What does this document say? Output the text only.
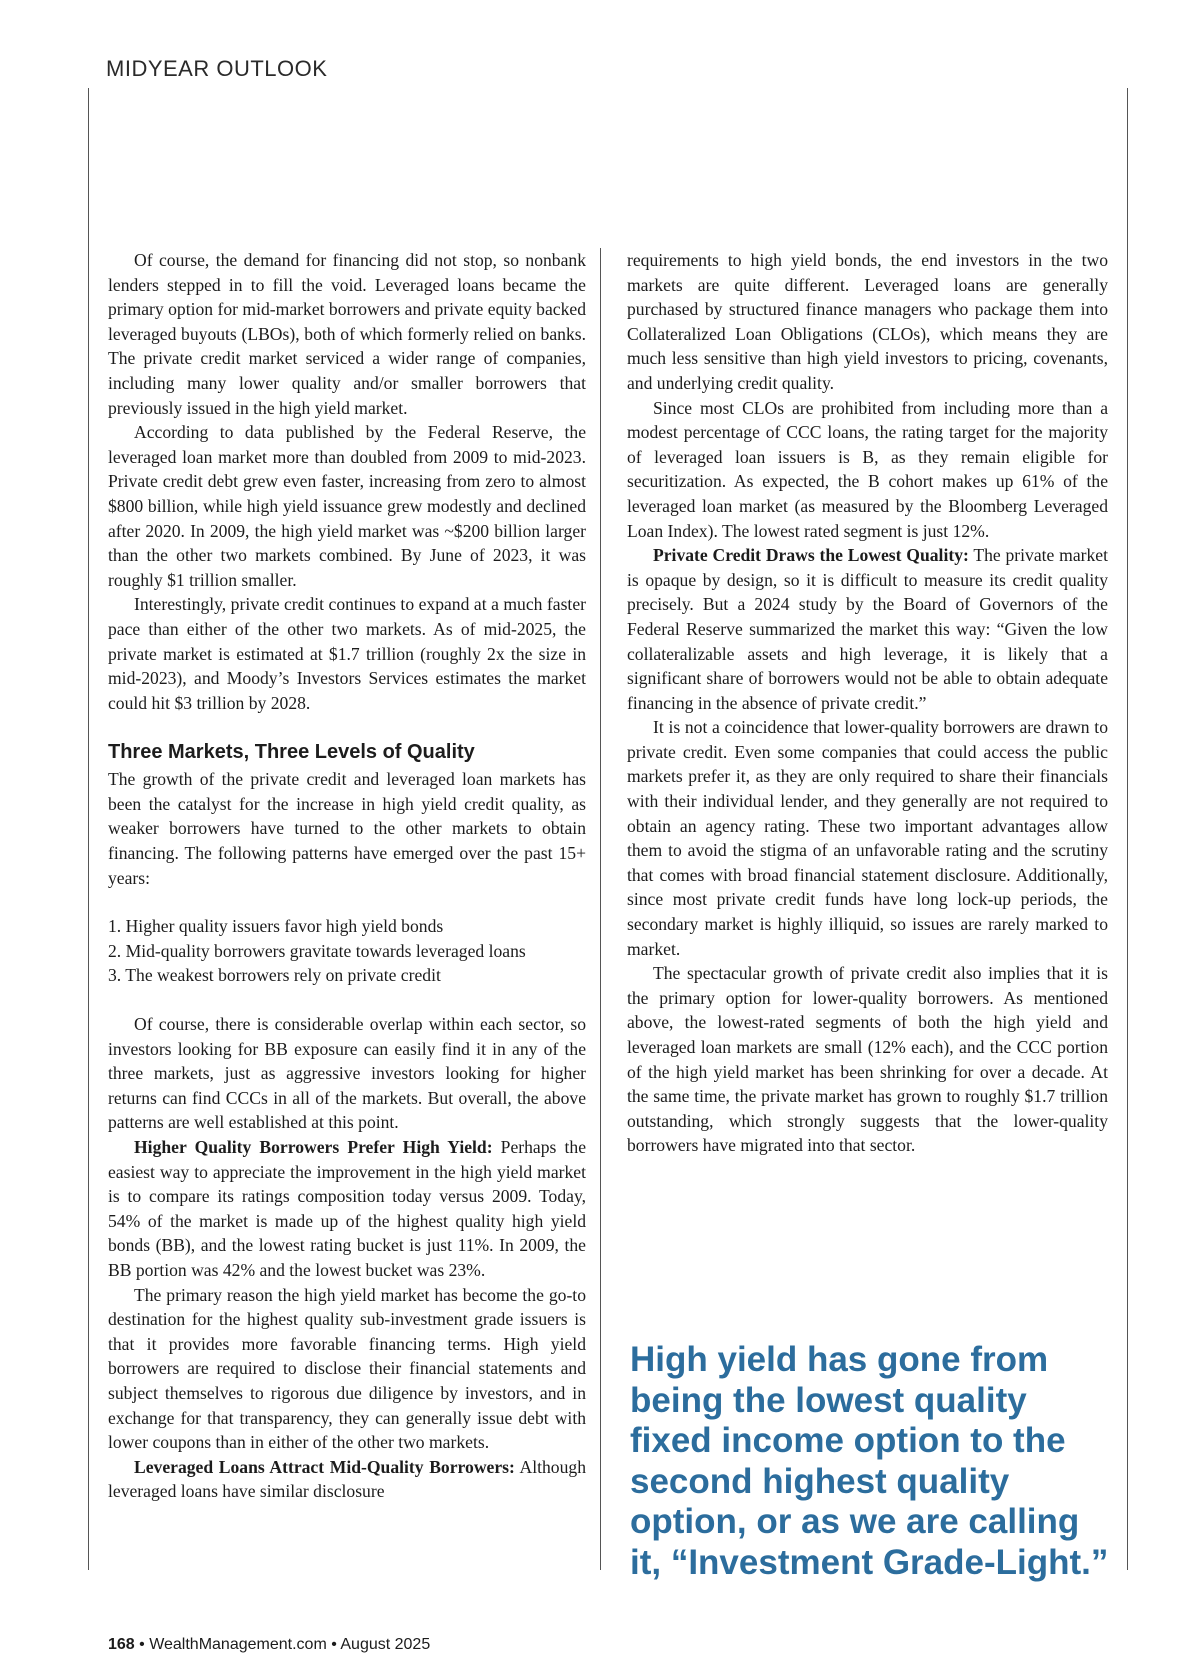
MIDYEAR OUTLOOK

Of course, the demand for financing did not stop, so nonbank lenders stepped in to fill the void. Leveraged loans became the primary option for mid-market borrowers and private equity backed leveraged buyouts (LBOs), both of which formerly relied on banks. The private credit market serviced a wider range of companies, including many lower quality and/or smaller borrowers that previously issued in the high yield market.

According to data published by the Federal Reserve, the leveraged loan market more than doubled from 2009 to mid-2023. Private credit debt grew even faster, increasing from zero to almost $800 billion, while high yield issuance grew modestly and declined after 2020. In 2009, the high yield market was ~$200 billion larger than the other two markets combined. By June of 2023, it was roughly $1 trillion smaller.

Interestingly, private credit continues to expand at a much faster pace than either of the other two markets. As of mid-2025, the private market is estimated at $1.7 trillion (roughly 2x the size in mid-2023), and Moody’s Investors Services estimates the market could hit $3 trillion by 2028.

Three Markets, Three Levels of Quality

The growth of the private credit and leveraged loan markets has been the catalyst for the increase in high yield credit quality, as weaker borrowers have turned to the other markets to obtain financing. The following patterns have emerged over the past 15+ years:

1. Higher quality issuers favor high yield bonds
2. Mid-quality borrowers gravitate towards leveraged loans
3. The weakest borrowers rely on private credit

Of course, there is considerable overlap within each sector, so investors looking for BB exposure can easily find it in any of the three markets, just as aggressive investors looking for higher returns can find CCCs in all of the markets. But overall, the above patterns are well established at this point.

Higher Quality Borrowers Prefer High Yield: Perhaps the easiest way to appreciate the improvement in the high yield market is to compare its ratings composition today versus 2009. Today, 54% of the market is made up of the highest quality high yield bonds (BB), and the lowest rating bucket is just 11%. In 2009, the BB portion was 42% and the lowest bucket was 23%.

The primary reason the high yield market has become the go-to destination for the highest quality sub-investment grade issuers is that it provides more favorable financing terms. High yield borrowers are required to disclose their financial statements and subject themselves to rigorous due diligence by investors, and in exchange for that transparency, they can generally issue debt with lower coupons than in either of the other two markets.

Leveraged Loans Attract Mid-Quality Borrowers: Although leveraged loans have similar disclosure

requirements to high yield bonds, the end investors in the two markets are quite different. Leveraged loans are generally purchased by structured finance managers who package them into Collateralized Loan Obligations (CLOs), which means they are much less sensitive than high yield investors to pricing, covenants, and underlying credit quality.

Since most CLOs are prohibited from including more than a modest percentage of CCC loans, the rating target for the majority of leveraged loan issuers is B, as they remain eligible for securitization. As expected, the B cohort makes up 61% of the leveraged loan market (as measured by the Bloomberg Leveraged Loan Index). The lowest rated segment is just 12%.

Private Credit Draws the Lowest Quality: The private market is opaque by design, so it is difficult to measure its credit quality precisely. But a 2024 study by the Board of Governors of the Federal Reserve summarized the market this way: “Given the low collateralizable assets and high leverage, it is likely that a significant share of borrowers would not be able to obtain adequate financing in the absence of private credit.”

It is not a coincidence that lower-quality borrowers are drawn to private credit. Even some companies that could access the public markets prefer it, as they are only required to share their financials with their individual lender, and they generally are not required to obtain an agency rating. These two important advantages allow them to avoid the stigma of an unfavorable rating and the scrutiny that comes with broad financial statement disclosure. Additionally, since most private credit funds have long lock-up periods, the secondary market is highly illiquid, so issues are rarely marked to market.

The spectacular growth of private credit also implies that it is the primary option for lower-quality borrowers. As mentioned above, the lowest-rated segments of both the high yield and leveraged loan markets are small (12% each), and the CCC portion of the high yield market has been shrinking for over a decade. At the same time, the private market has grown to roughly $1.7 trillion outstanding, which strongly suggests that the lower-quality borrowers have migrated into that sector.

High yield has gone from being the lowest quality fixed income option to the second highest quality option, or as we are calling it, “Investment Grade-Light.”
168 • WealthManagement.com • August 2025
